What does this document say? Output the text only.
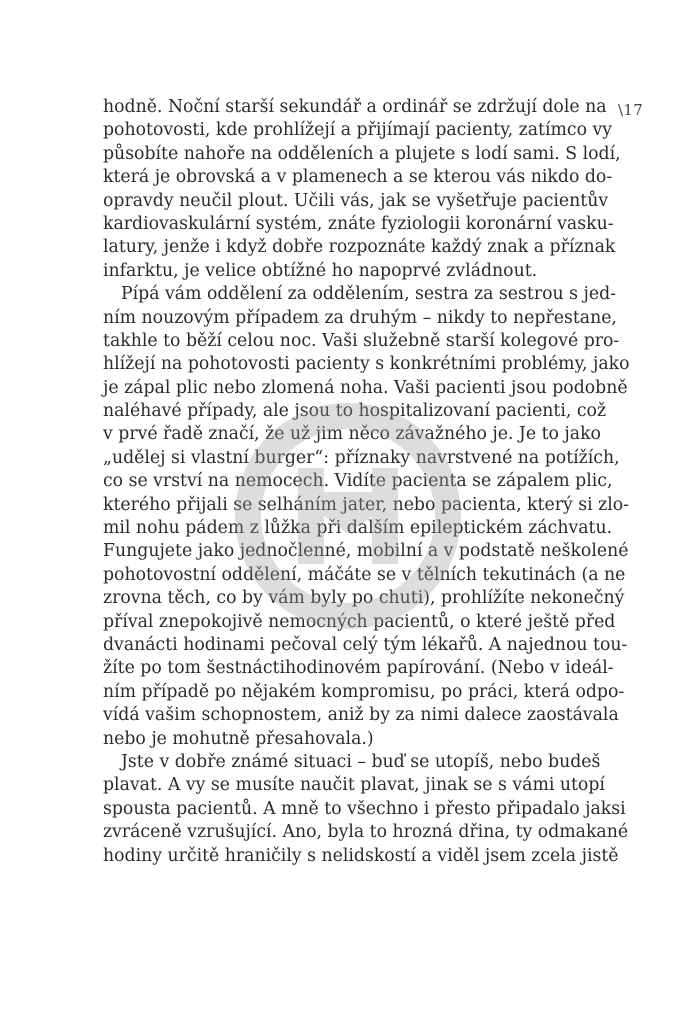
\17
hodně. Noční starší sekundář a ordinář se zdržují dole na
pohotovosti, kde prohlížejí a přijímají pacienty, zatímco vy
působíte nahoře na odděleních a plujete s lodí sami. S lodí,
která je obrovská a v plamenech a se kterou vás nikdo do-
opravdy neučil plout. Učili vás, jak se vyšetřuje pacientův
kardiovaskulární systém, znáte fyziologii koronární vasku-
latury, jenže i když dobře rozpoznáte každý znak a příznak
infarktu, je velice obtížné ho napoprvé zvládnout.
Pípá vám oddělení za oddělením, sestra za sestrou s jed-
ním nouzovým případem za druhým – nikdy to nepřestane,
takhle to běží celou noc. Vaši služebně starší kolegové pro-
hlížejí na pohotovosti pacienty s konkrétními problémy, jako
je zápal plic nebo zlomená noha. Vaši pacienti jsou podobně
naléhavé případy, ale jsou to hospitalizovaní pacienti, což
v prvé řadě značí, že už jim něco závažného je. Je to jako
„udělej si vlastní burger“: příznaky navrstvené na potížích,
co se vrství na nemocech. Vidíte pacienta se zápalem plic,
kterého přijali se selháním jater, nebo pacienta, který si zlo-
mil nohu pádem z lůžka při dalším epileptickém záchvatu.
Fungujete jako jednočlenné, mobilní a v podstatě neškolené
pohotovostní oddělení, máčáte se v tělních tekutinách (a ne
zrovna těch, co by vám byly po chuti), prohlížíte nekonečný
příval znepokojivě nemocných pacientů, o které ještě před
dvanácti hodinami pečoval celý tým lékařů. A najednou tou-
žíte po tom šestnáctihodinovém papírování. (Nebo v ideál-
ním případě po nějakém kompromisu, po práci, která odpo-
vídá vašim schopnostem, aniž by za nimi dalece zaostávala
nebo je mohutně přesahovala.)
Jste v dobře známé situaci – buď se utopíš, nebo budeš
plavat. A vy se musíte naučit plavat, jinak se s vámi utopí
spousta pacientů. A mně to všechno i přesto připadalo jaksi
zvráceně vzrušující. Ano, byla to hrozná dřina, ty odmakané
hodiny určitě hraničily s nelidskostí a viděl jsem zcela jistě
